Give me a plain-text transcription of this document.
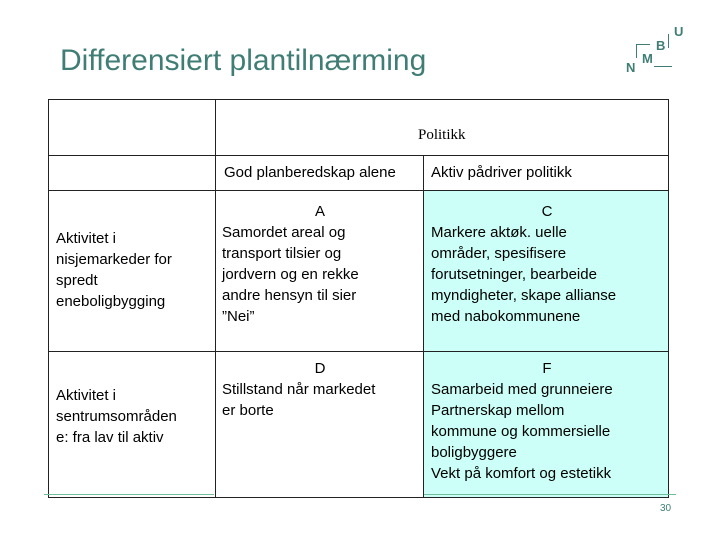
Differensiert plantilnærming
U
B
N
M
Politikk
God planberedskap alene Aktiv pådriver politikk
Aktivitet i
nisjemarkeder for
spredt
eneboligbygging
A
Samordet areal og
transport tilsier og
jordvern og en rekke
andre hensyn til sier
”Nei”
C
Markere aktøk. uelle
områder, spesifisere
forutsetninger, bearbeide
myndigheter, skape allianse
med nabokommunene
Aktivitet i
sentrumsområden
e: fra lav til aktiv
D
Stillstand når markedet
er borte
F
Samarbeid med grunneiere
Partnerskap mellom
kommune og kommersielle
boligbyggere
Vekt på komfort og estetikk
30
